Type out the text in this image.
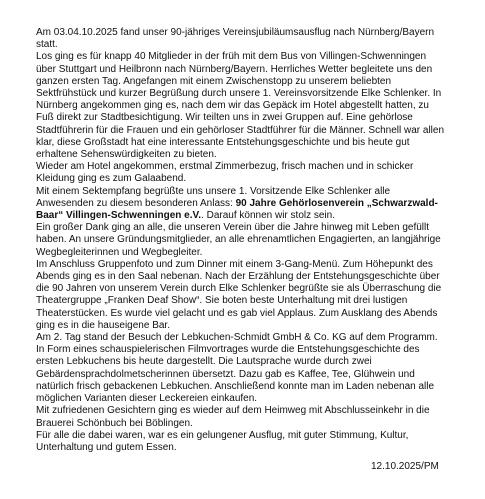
Am 03.04.10.2025 fand unser 90-jähriges Vereinsjubiläumsausflug nach Nürnberg/Bayern
statt.
Los ging es für knapp 40 Mitglieder in der früh mit dem Bus von Villingen-Schwenningen
über Stuttgart und Heilbronn nach Nürnberg/Bayern. Herrliches Wetter begleitete uns den
ganzen ersten Tag. Angefangen mit einem Zwischenstopp zu unserem beliebten
Sektfrühstück und kurzer Begrüßung durch unsere 1. Vereinsvorsitzende Elke Schlenker. In
Nürnberg angekommen ging es, nach dem wir das Gepäck im Hotel abgestellt hatten, zu
Fuß direkt zur Stadtbesichtigung. Wir teilten uns in zwei Gruppen auf. Eine gehörlose
Stadtführerin für die Frauen und ein gehörloser Stadtführer für die Männer. Schnell war allen
klar, diese Großstadt hat eine interessante Entstehungsgeschichte und bis heute gut
erhaltene Sehenswürdigkeiten zu bieten.
Wieder am Hotel angekommen, erstmal Zimmerbezug, frisch machen und in schicker
Kleidung ging es zum Galaabend.
Mit einem Sektempfang begrüßte uns unsere 1. Vorsitzende Elke Schlenker alle
Anwesenden zu diesem besonderen Anlass: 90 Jahre Gehörlosenverein „Schwarzwald-
Baar“ Villingen-Schwenningen e.V.. Darauf können wir stolz sein.
Ein großer Dank ging an alle, die unseren Verein über die Jahre hinweg mit Leben gefüllt
haben. An unsere Gründungsmitglieder, an alle ehrenamtlichen Engagierten, an langjährige
Wegbegleiterinnen und Wegbegleiter.
Im Anschluss Gruppenfoto und zum Dinner mit einem 3-Gang-Menü. Zum Höhepunkt des
Abends ging es in den Saal nebenan. Nach der Erzählung der Entstehungsgeschichte über
die 90 Jahren von unserem Verein durch Elke Schlenker begrüßte sie als Überraschung die
Theatergruppe „Franken Deaf Show“. Sie boten beste Unterhaltung mit drei lustigen
Theaterstücken. Es wurde viel gelacht und es gab viel Applaus. Zum Ausklang des Abends
ging es in die hauseigene Bar.
Am 2. Tag stand der Besuch der Lebkuchen-Schmidt GmbH & Co. KG auf dem Programm.
In Form eines schauspielerischen Filmvortrages wurde die Entstehungsgeschichte des
ersten Lebkuchens bis heute dargestellt. Die Lautsprache wurde durch zwei
Gebärdensprachdolmetscherinnen übersetzt. Dazu gab es Kaffee, Tee, Glühwein und
natürlich frisch gebackenen Lebkuchen. Anschließend konnte man im Laden nebenan alle
möglichen Varianten dieser Leckereien einkaufen.
Mit zufriedenen Gesichtern ging es wieder auf dem Heimweg mit Abschlusseinkehr in die
Brauerei Schönbuch bei Böblingen.
Für alle die dabei waren, war es ein gelungener Ausflug, mit guter Stimmung, Kultur,
Unterhaltung und gutem Essen.
12.10.2025/PM
